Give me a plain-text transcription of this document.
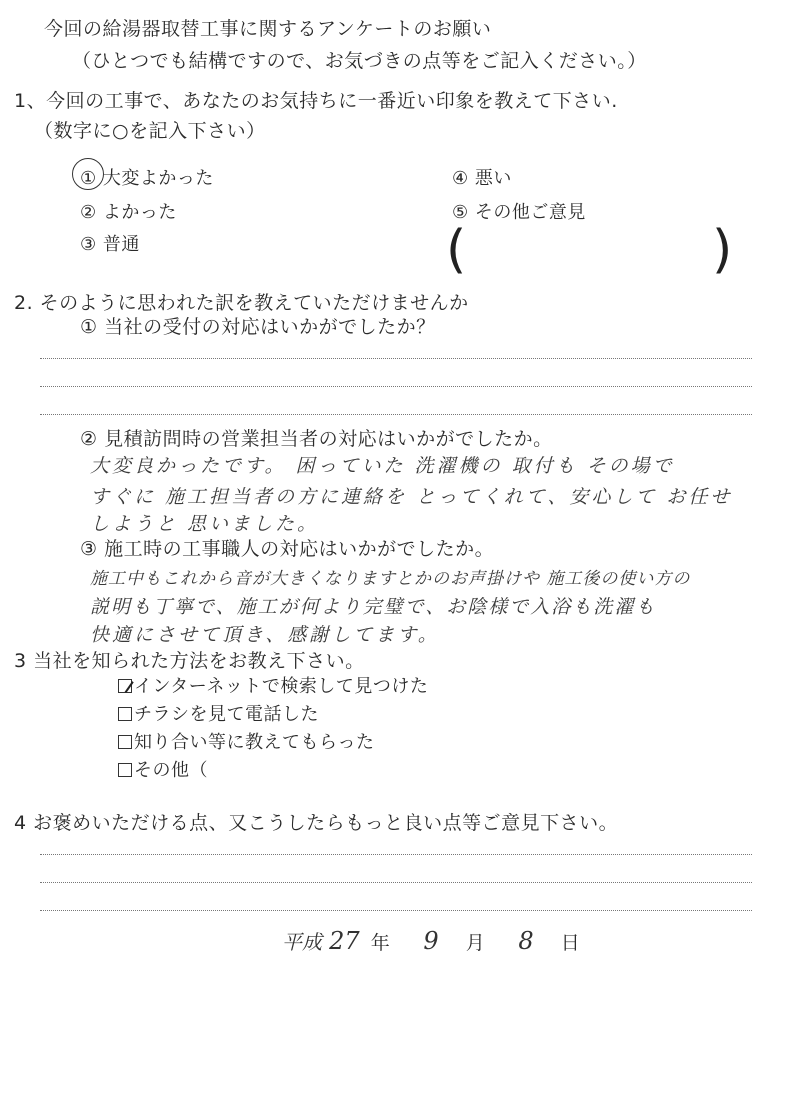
今回の給湯器取替工事に関するアンケートのお願い
（ひとつでも結構ですので、お気づきの点等をご記入ください。）
1、今回の工事で、あなたのお気持ちに一番近い印象を教えて下さい.
（数字に○を記入下さい）
① 大変よかった
② よかった
③ 普通
④ 悪い
⑤ その他ご意見
(	)
2. そのように思われた訳を教えていただけませんか
① 当社の受付の対応はいかがでしたか？
② 見積訪問時の営業担当者の対応はいかがでしたか。
大変良かったです。 困っていた 洗濯機の 取付も その場で
すぐに 施工担当者の方に連絡を とってくれて、安心して お任せ
しようと 思いました。
③ 施工時の工事職人の対応はいかがでしたか。
施工中もこれから音が大きくなりますとかのお声掛けや 施工後の使い方の
説明も丁寧で、施工が何より完璧で、お陰様で入浴も洗濯も
快適にさせて頂き、感謝してます。
3 当社を知られた方法をお教え下さい。
インターネットで検索して見つけた
チラシを見て電話した
知り合い等に教えてもらった
その他（
4 お褒めいただける点、又こうしたらもっと良い点等ご意見下さい。
平成 27 年 9 月 8 日
